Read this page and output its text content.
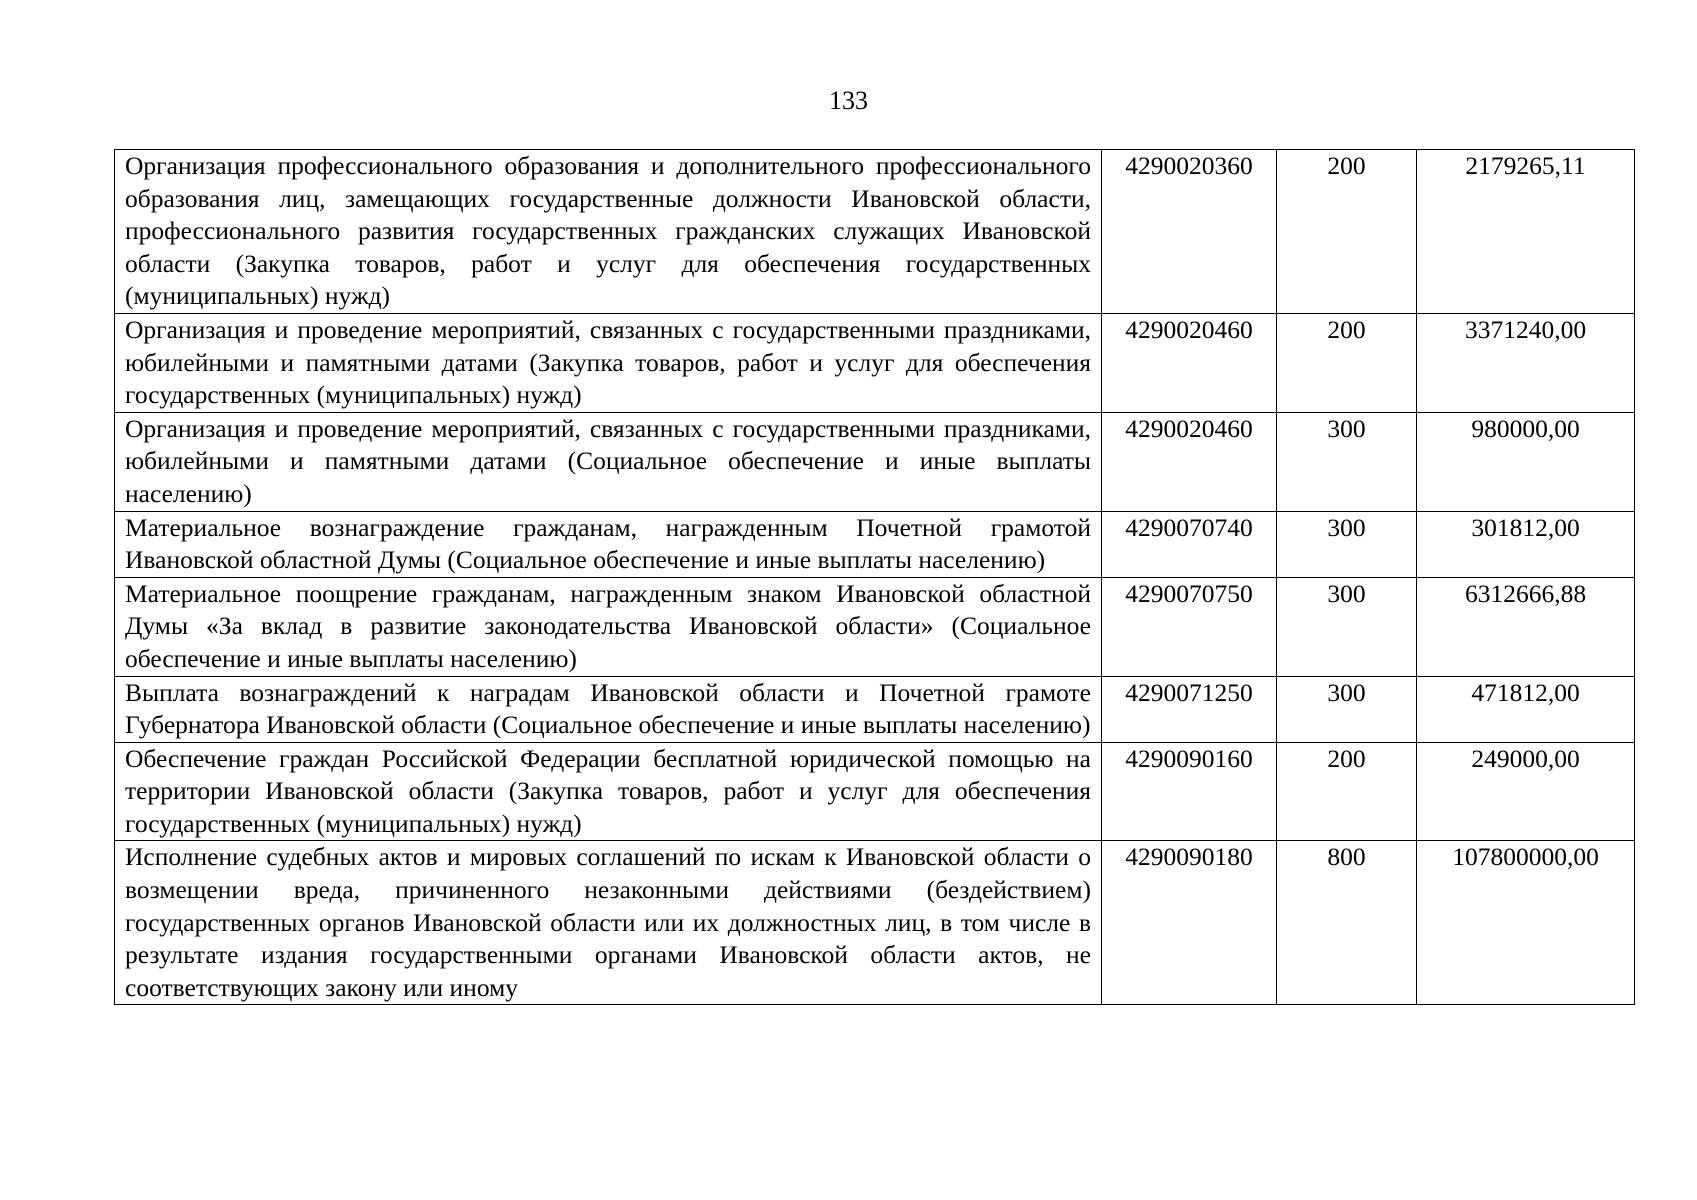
133
Организация профессионального образования и дополнительного профессионального образования лиц, замещающих государственные должности Ивановской области, профессионального развития государственных гражданских служащих Ивановской области (Закупка товаров, работ и услуг для обеспечения государственных (муниципальных) нужд)	4290020360	200	2179265,11
Организация и проведение мероприятий, связанных с государственными праздниками, юбилейными и памятными датами (Закупка товаров, работ и услуг для обеспечения государственных (муниципальных) нужд)	4290020460	200	3371240,00
Организация и проведение мероприятий, связанных с государственными праздниками, юбилейными и памятными датами (Социальное обеспечение и иные выплаты населению)	4290020460	300	980000,00
Материальное вознаграждение гражданам, награжденным Почетной грамотой Ивановской областной Думы (Социальное обеспечение и иные выплаты населению)	4290070740	300	301812,00
Материальное поощрение гражданам, награжденным знаком Ивановской областной Думы «За вклад в развитие законодательства Ивановской области» (Социальное обеспечение и иные выплаты населению)	4290070750	300	6312666,88
Выплата вознаграждений к наградам Ивановской области и Почетной грамоте Губернатора Ивановской области (Социальное обеспечение и иные выплаты населению)	4290071250	300	471812,00
Обеспечение граждан Российской Федерации бесплатной юридической помощью на территории Ивановской области (Закупка товаров, работ и услуг для обеспечения государственных (муниципальных) нужд)	4290090160	200	249000,00
Исполнение судебных актов и мировых соглашений по искам к Ивановской области о возмещении вреда, причиненного незаконными действиями (бездействием) государственных органов Ивановской области или их должностных лиц, в том числе в результате издания государственными органами Ивановской области актов, не соответствующих закону или иному	4290090180	800	107800000,00
